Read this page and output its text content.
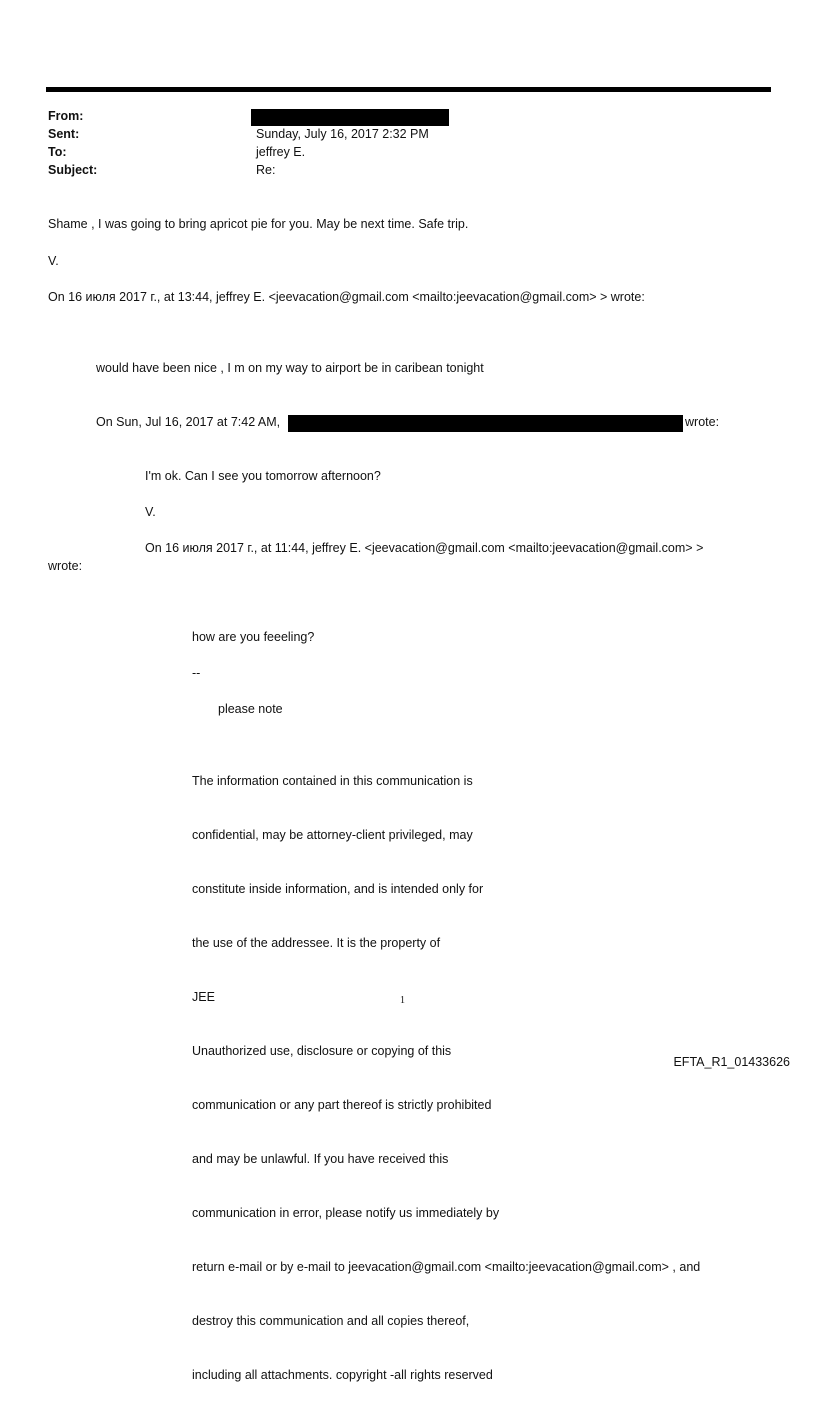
From:
Sent:	Sunday, July 16, 2017 2:32 PM
To:	jeffrey E.
Subject:	Re:
Shame , I was going to bring apricot pie for you. May be next time. Safe trip.
V.
On 16 июля 2017 г., at 13:44, jeffrey E. <jeevacation@gmail.com <mailto:jeevacation@gmail.com> > wrote:
would have been nice , I m on my way to airport be in caribean tonight
On Sun, Jul 16, 2017 at 7:42 AM,	wrote:
I'm ok. Can I see you tomorrow afternoon?
V.
On 16 июля 2017 г., at 11:44, jeffrey E. <jeevacation@gmail.com <mailto:jeevacation@gmail.com> >
wrote:
how are you feeeling?
--
please note

The information contained in this communication is

confidential, may be attorney-client privileged, may

constitute inside information, and is intended only for

the use of the addressee. It is the property of

JEE

Unauthorized use, disclosure or copying of this

communication or any part thereof is strictly prohibited

and may be unlawful. If you have received this

communication in error, please notify us immediately by

return e-mail or by e-mail to jeevacation@gmail.com <mailto:jeevacation@gmail.com> , and

destroy this communication and all copies thereof,

including all attachments. copyright -all rights reserved

1
EFTA_R1_01433626
